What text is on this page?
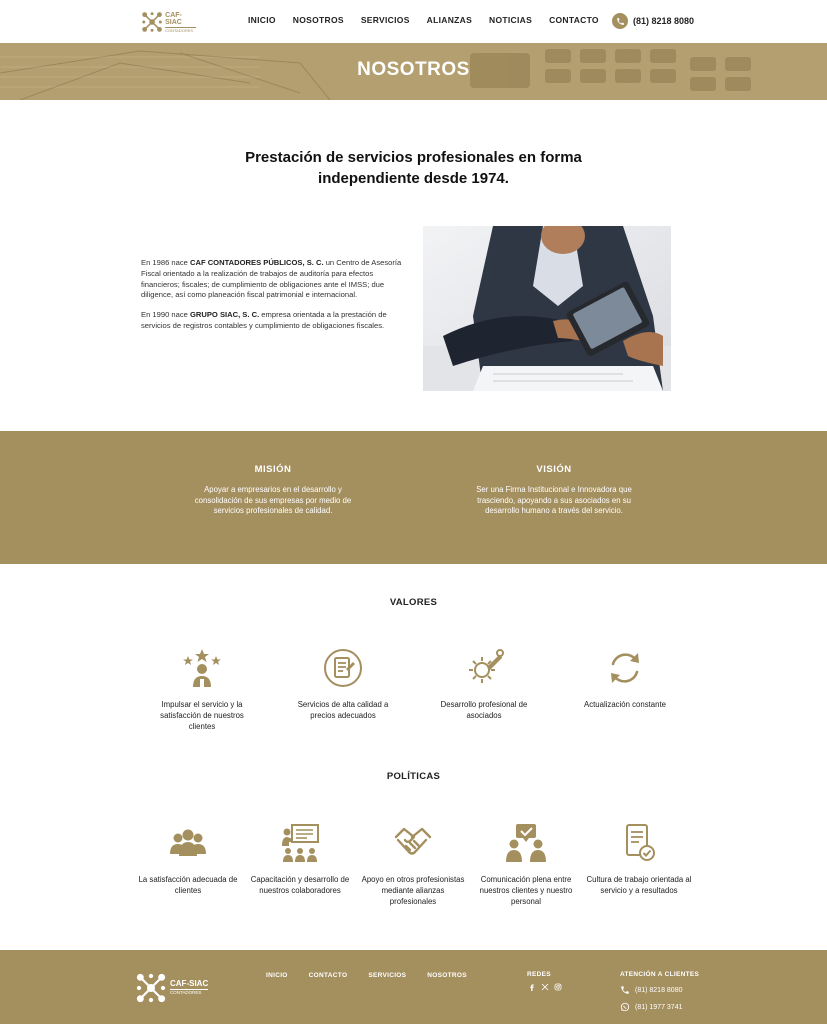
CAF-SIAC
CONTADORES
INICIO NOSOTROS SERVICIOS ALIANZAS NOTICIAS CONTACTO	(81) 8218 8080
NOSOTROS
Prestación de servicios profesionales en forma independiente desde 1974.

En 1986 nace CAF CONTADORES PÚBLICOS, S. C. un Centro de Asesoría Fiscal orientado a la realización de trabajos de auditoría para efectos financieros; fiscales; de cumplimiento de obligaciones ante el IMSS; due diligence, así como planeación fiscal patrimonial e internacional.

En 1990 nace GRUPO SIAC, S. C. empresa orientada a la prestación de servicios de registros contables y cumplimiento de obligaciones fiscales.

MISIÓN

Apoyar a empresarios en el desarrollo y consolidación de sus empresas por medio de servicios profesionales de calidad.

VISIÓN

Ser una Firma Institucional e Innovadora que trasciendo, apoyando a sus asociados en su desarrollo humano a través del servicio.

VALORES
Impulsar el servicio y la satisfacción de nuestros clientes
Servicios de alta calidad a precios adecuados
Desarrollo profesional de asociados
Actualización constante
POLÍTICAS
La satisfacción adecuada de clientes
Capacitación y desarrollo de nuestros colaboradores
Apoyo en otros profesionistas mediante alianzas profesionales
Comunicación plena entre nuestros clientes y nuestro personal
Cultura de trabajo orientada al servicio y a resultados
CAF-SIAC
CONTADORES
INICIO	CONTACTO	SERVICIOS	NOSOTROS	REDES	ATENCIÓN A CLIENTES
(81) 8218 8080
(81) 1977 3741
